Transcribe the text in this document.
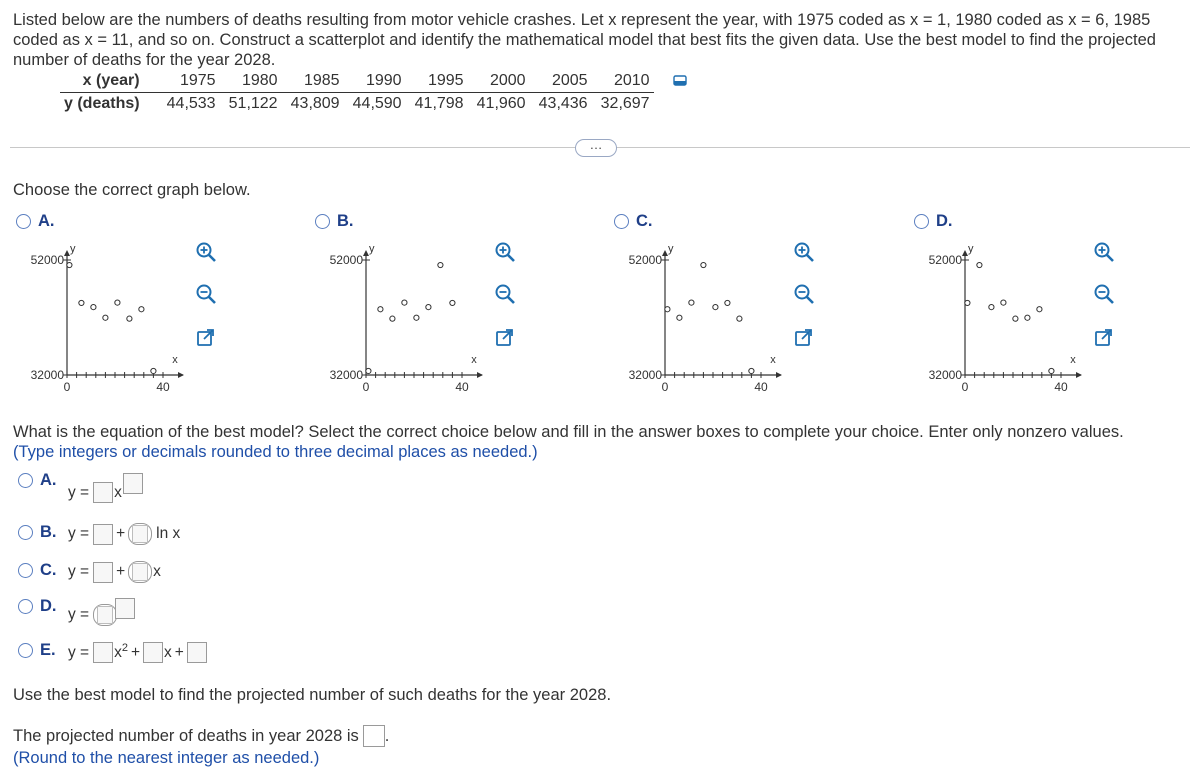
Listed below are the numbers of deaths resulting from motor vehicle crashes. Let x represent the year, with 1975 coded as x = 1, 1980 coded as x = 6, 1985 coded as x = 11, and so on. Construct a scatterplot and identify the mathematical model that best fits the given data. Use the best model to find the projected number of deaths for the year 2028.
x (year)	1975	1980	1985	1990	1995	2000	2005	2010
y (deaths)	44,533	51,122	43,809	44,590	41,798	41,960	43,436	32,697
…
Choose the correct graph below.
A.
52000
32000
0	40
x
y
B.
52000
32000
0	40
x
y
C.
52000
32000
0	40
x
y
D.
52000
32000
0	40
x
y
What is the equation of the best model? Select the correct choice below and fill in the answer boxes to complete your choice. Enter only nonzero values.
(Type integers or decimals rounded to three decimal places as needed.)
A.
y = x
B. y = + ln x
C. y = + x
D. y =
E. $y = x^2 + x$ +
Use the best model to find the projected number of such deaths for the year 2028.
The projected number of deaths in year 2028 is .
(Round to the nearest integer as needed.)
